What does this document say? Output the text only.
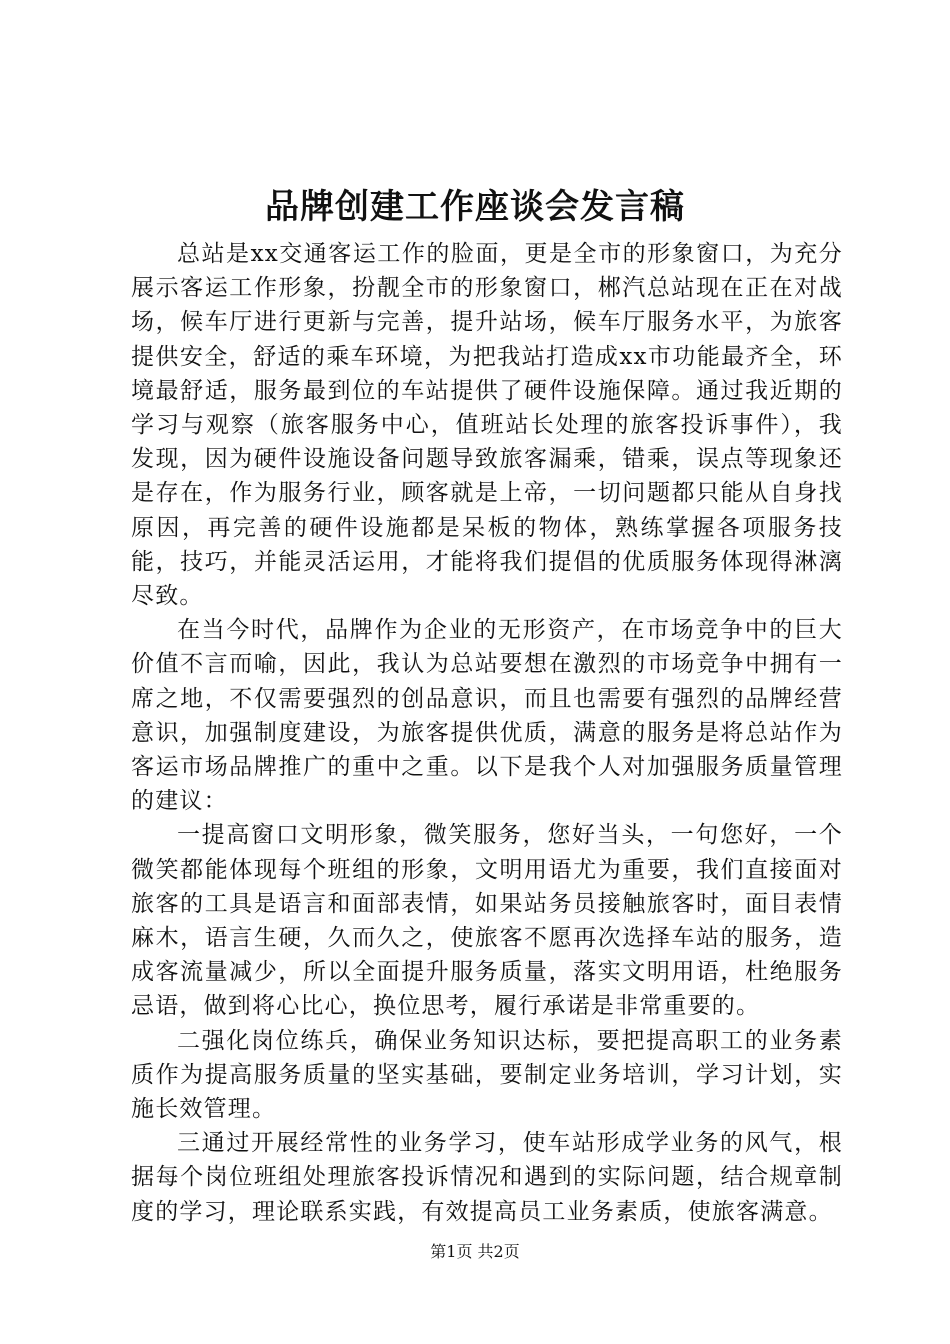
品牌创建工作座谈会发言稿

总站是xx交通客运工作的脸面，更是全市的形象窗口，为充分展示客运工作形象，扮靓全市的形象窗口，郴汽总站现在正在对战场，候车厅进行更新与完善，提升站场，候车厅服务水平，为旅客提供安全，舒适的乘车环境，为把我站打造成xx市功能最齐全，环境最舒适，服务最到位的车站提供了硬件设施保障。通过我近期的学习与观察（旅客服务中心，值班站长处理的旅客投诉事件），我发现，因为硬件设施设备问题导致旅客漏乘，错乘，误点等现象还是存在，作为服务行业，顾客就是上帝，一切问题都只能从自身找原因，再完善的硬件设施都是呆板的物体，熟练掌握各项服务技能，技巧，并能灵活运用，才能将我们提倡的优质服务体现得淋漓尽致。

在当今时代，品牌作为企业的无形资产，在市场竞争中的巨大价值不言而喻，因此，我认为总站要想在激烈的市场竞争中拥有一席之地，不仅需要强烈的创品意识，而且也需要有强烈的品牌经营意识，加强制度建设，为旅客提供优质，满意的服务是将总站作为客运市场品牌推广的重中之重。以下是我个人对加强服务质量管理的建议：

一提高窗口文明形象，微笑服务，您好当头，一句您好，一个微笑都能体现每个班组的形象，文明用语尤为重要，我们直接面对旅客的工具是语言和面部表情，如果站务员接触旅客时，面目表情麻木，语言生硬，久而久之，使旅客不愿再次选择车站的服务，造成客流量减少，所以全面提升服务质量，落实文明用语，杜绝服务忌语，做到将心比心，换位思考，履行承诺是非常重要的。

二强化岗位练兵，确保业务知识达标，要把提高职工的业务素质作为提高服务质量的坚实基础，要制定业务培训，学习计划，实施长效管理。

三通过开展经常性的业务学习，使车站形成学业务的风气，根据每个岗位班组处理旅客投诉情况和遇到的实际问题，结合规章制度的学习，理论联系实践，有效提高员工业务素质，使旅客满意。

第1页 共2页
